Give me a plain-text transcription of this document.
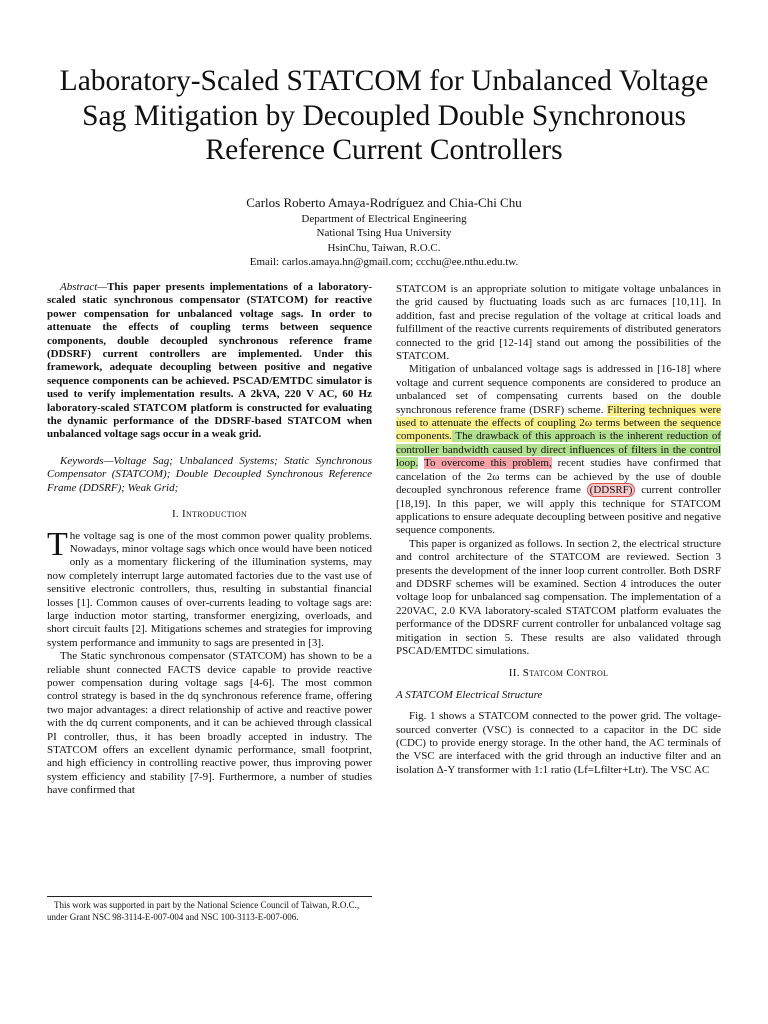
Laboratory-Scaled STATCOM for Unbalanced Voltage Sag Mitigation by Decoupled Double Synchronous Reference Current Controllers
Carlos Roberto Amaya-Rodríguez and Chia-Chi Chu
Department of Electrical Engineering
National Tsing Hua University
HsinChu, Taiwan, R.O.C.
Email: carlos.amaya.hn@gmail.com; ccchu@ee.nthu.edu.tw.

Abstract—This paper presents implementations of a laboratory-scaled static synchronous compensator (STATCOM) for reactive power compensation for unbalanced voltage sags. In order to attenuate the effects of coupling terms between sequence components, double decoupled synchronous reference frame (DDSRF) current controllers are implemented. Under this framework, adequate decoupling between positive and negative sequence components can be achieved. PSCAD/EMTDC simulator is used to verify implementation results. A 2kVA, 220 V AC, 60 Hz laboratory-scaled STATCOM platform is constructed for evaluating the dynamic performance of the DDSRF-based STATCOM when unbalanced voltage sags occur in a weak grid.

Keywords—Voltage Sag; Unbalanced Systems; Static Synchronous Compensator (STATCOM); Double Decoupled Synchronous Reference Frame (DDSRF); Weak Grid;

I. Introduction

The voltage sag is one of the most common power quality problems. Nowadays, minor voltage sags which once would have been noticed only as a momentary flickering of the illumination systems, may now completely interrupt large automated factories due to the vast use of sensitive electronic controllers, thus, resulting in substantial financial losses [1]. Common causes of over-currents leading to voltage sags are: large induction motor starting, transformer energizing, overloads, and short circuit faults [2]. Mitigations schemes and strategies for improving system performance and immunity to sags are presented in [3].

The Static synchronous compensator (STATCOM) has shown to be a reliable shunt connected FACTS device capable to provide reactive power compensation during voltage sags [4-6]. The most common control strategy is based in the dq synchronous reference frame, offering two major advantages: a direct relationship of active and reactive power with the dq current components, and it can be achieved through classical PI controller, thus, it has been broadly accepted in industry. The STATCOM offers an excellent dynamic performance, small footprint, and high efficiency in controlling reactive power, thus improving power system efficiency and stability [7-9]. Furthermore, a number of studies have confirmed that

STATCOM is an appropriate solution to mitigate voltage unbalances in the grid caused by fluctuating loads such as arc furnaces [10,11]. In addition, fast and precise regulation of the voltage at critical loads and fulfillment of the reactive currents requirements of distributed generators connected to the grid [12-14] stand out among the possibilities of the STATCOM.

Mitigation of unbalanced voltage sags is addressed in [16-18] where voltage and current sequence components are considered to produce an unbalanced set of compensating currents based on the double synchronous reference frame (DSRF) scheme. Filtering techniques were used to attenuate the effects of coupling 2ω terms between the sequence components. The drawback of this approach is the inherent reduction of controller bandwidth caused by direct influences of filters in the control loop. To overcome this problem, recent studies have confirmed that cancelation of the 2ω terms can be achieved by the use of double decoupled synchronous reference frame (DDSRF) current controller [18,19]. In this paper, we will apply this technique for STATCOM applications to ensure adequate decoupling between positive and negative sequence components.

This paper is organized as follows. In section 2, the electrical structure and control architecture of the STATCOM are reviewed. Section 3 presents the development of the inner loop current controller. Both DSRF and DDSRF schemes will be examined. Section 4 introduces the outer voltage loop for unbalanced sag compensation. The implementation of a 220VAC, 2.0 KVA laboratory-scaled STATCOM platform evaluates the performance of the DDSRF current controller for unbalanced voltage sag mitigation in section 5. These results are also validated through PSCAD/EMTDC simulations.

II. Statcom Control

A STATCOM Electrical Structure

Fig. 1 shows a STATCOM connected to the power grid. The voltage-sourced converter (VSC) is connected to a capacitor in the DC side (CDC) to provide energy storage. In the other hand, the AC terminals of the VSC are interfaced with the grid through an inductive filter and an isolation Δ-Y transformer with 1:1 ratio (Lf=Lfilter+Ltr). The VSC AC

This work was supported in part by the National Science Council of Taiwan, R.O.C., under Grant NSC 98-3114-E-007-004 and NSC 100-3113-E-007-006.
